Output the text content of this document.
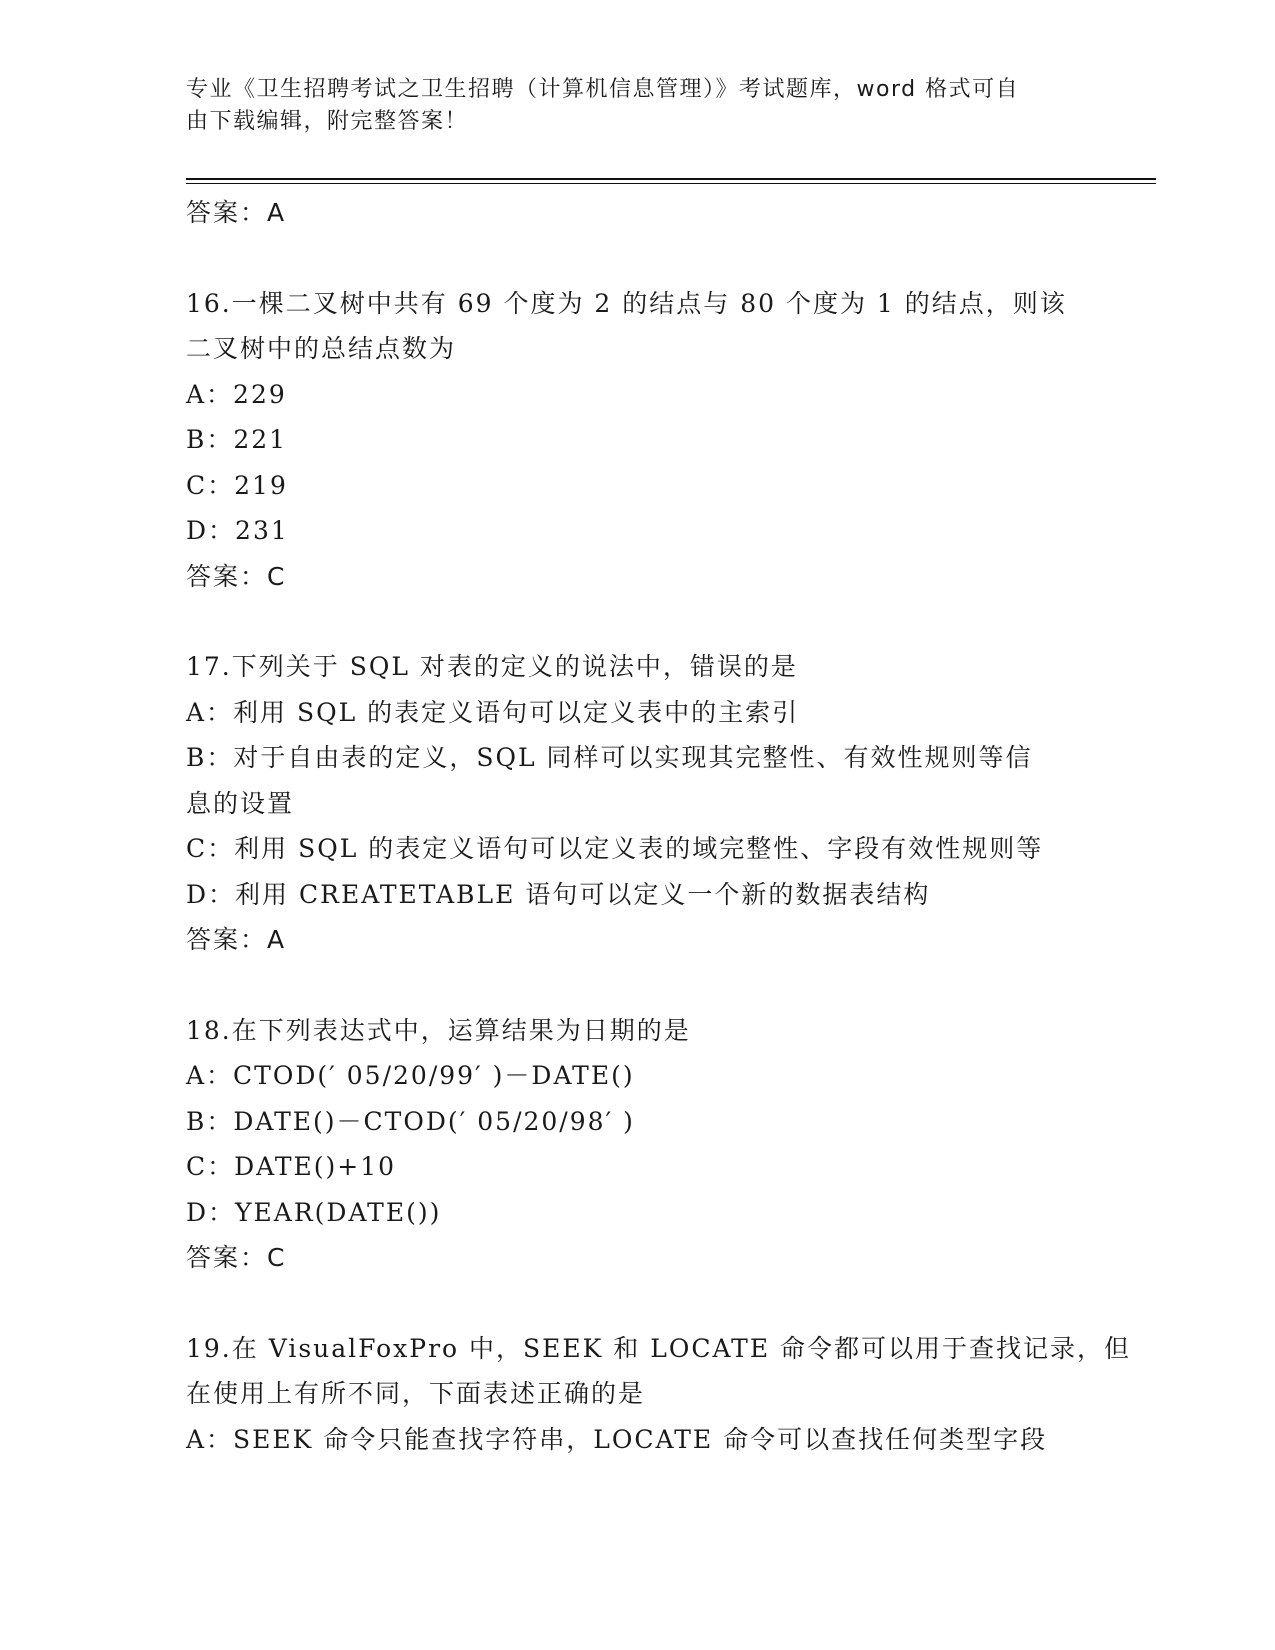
专业《卫生招聘考试之卫生招聘（计算机信息管理）》考试题库，word 格式可自
由下载编辑，附完整答案！
答案：A
16.一棵二叉树中共有 69 个度为 2 的结点与 80 个度为 1 的结点，则该
二叉树中的总结点数为
A：229
B：221
C：219
D：231
答案：C
17.下列关于 SQL 对表的定义的说法中，错误的是
A：利用 SQL 的表定义语句可以定义表中的主索引
B：对于自由表的定义，SQL 同样可以实现其完整性、有效性规则等信
息的设置
C：利用 SQL 的表定义语句可以定义表的域完整性、字段有效性规则等
D：利用 CREATETABLE 语句可以定义一个新的数据表结构
答案：A
18.在下列表达式中，运算结果为日期的是
A：CTOD(′ 05/20/99′ )－DATE()
B：DATE()－CTOD(′ 05/20/98′ )
C：DATE()+10
D：YEAR(DATE())
答案：C
19.在 VisualFoxPro 中，SEEK 和 LOCATE 命令都可以用于查找记录，但
在使用上有所不同，下面表述正确的是
A：SEEK 命令只能查找字符串，LOCATE 命令可以查找任何类型字段
